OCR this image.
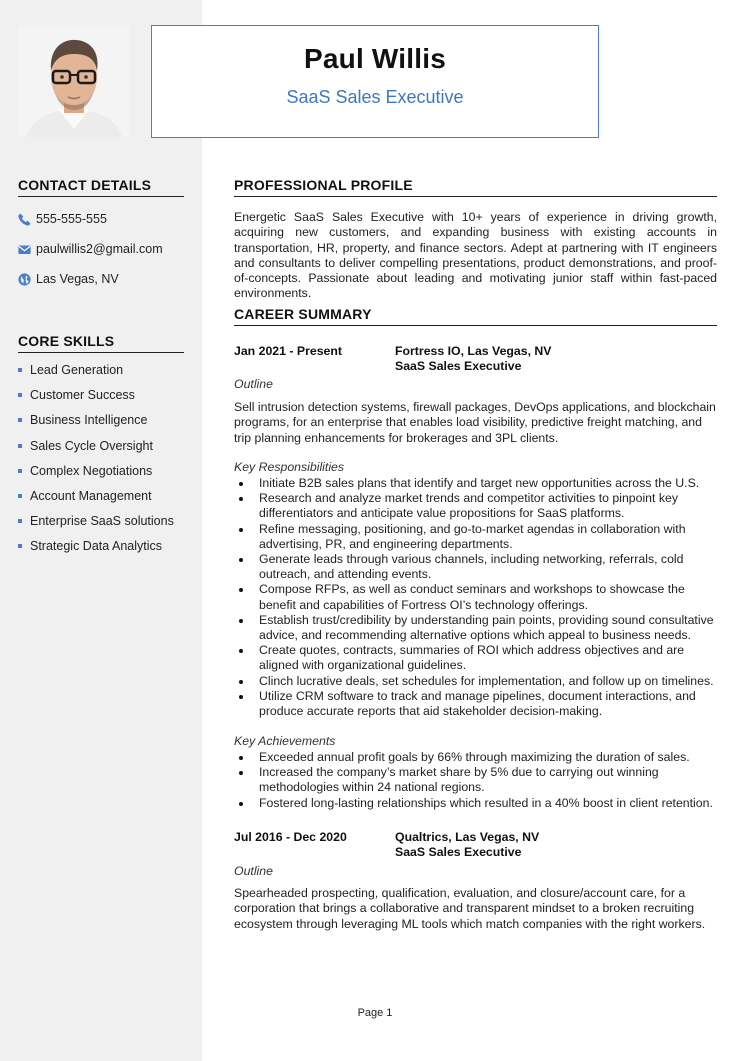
Paul Willis
SaaS Sales Executive
CONTACT DETAILS
555-555-555
paulwillis2@gmail.com
Las Vegas, NV
CORE SKILLS
Lead Generation
Customer Success
Business Intelligence
Sales Cycle Oversight
Complex Negotiations
Account Management
Enterprise SaaS solutions
Strategic Data Analytics
PROFESSIONAL PROFILE
Energetic SaaS Sales Executive with 10+ years of experience in driving growth, acquiring new customers, and expanding business with existing accounts in transportation, HR, property, and finance sectors. Adept at partnering with IT engineers and consultants to deliver compelling presentations, product demonstrations, and proof-of-concepts. Passionate about leading and motivating junior staff within fast-paced environments.
CAREER SUMMARY
Jan 2021 - Present	Fortress IO, Las Vegas, NV
SaaS Sales Executive
Outline
Sell intrusion detection systems, firewall packages, DevOps applications, and blockchain programs, for an enterprise that enables load visibility, predictive freight matching, and trip planning enhancements for brokerages and 3PL clients.
Key Responsibilities
Initiate B2B sales plans that identify and target new opportunities across the U.S.
Research and analyze market trends and competitor activities to pinpoint key differentiators and anticipate value propositions for SaaS platforms.
Refine messaging, positioning, and go-to-market agendas in collaboration with advertising, PR, and engineering departments.
Generate leads through various channels, including networking, referrals, cold outreach, and attending events.
Compose RFPs, as well as conduct seminars and workshops to showcase the benefit and capabilities of Fortress OI’s technology offerings.
Establish trust/credibility by understanding pain points, providing sound consultative advice, and recommending alternative options which appeal to business needs.
Create quotes, contracts, summaries of ROI which address objectives and are aligned with organizational guidelines.
Clinch lucrative deals, set schedules for implementation, and follow up on timelines.
Utilize CRM software to track and manage pipelines, document interactions, and produce accurate reports that aid stakeholder decision-making.
Key Achievements
Exceeded annual profit goals by 66% through maximizing the duration of sales.
Increased the company’s market share by 5% due to carrying out winning methodologies within 24 national regions.
Fostered long-lasting relationships which resulted in a 40% boost in client retention.
Jul 2016 - Dec 2020	Qualtrics, Las Vegas, NV
SaaS Sales Executive
Outline
Spearheaded prospecting, qualification, evaluation, and closure/account care, for a corporation that brings a collaborative and transparent mindset to a broken recruiting ecosystem through leveraging ML tools which match companies with the right workers.
Page 1
